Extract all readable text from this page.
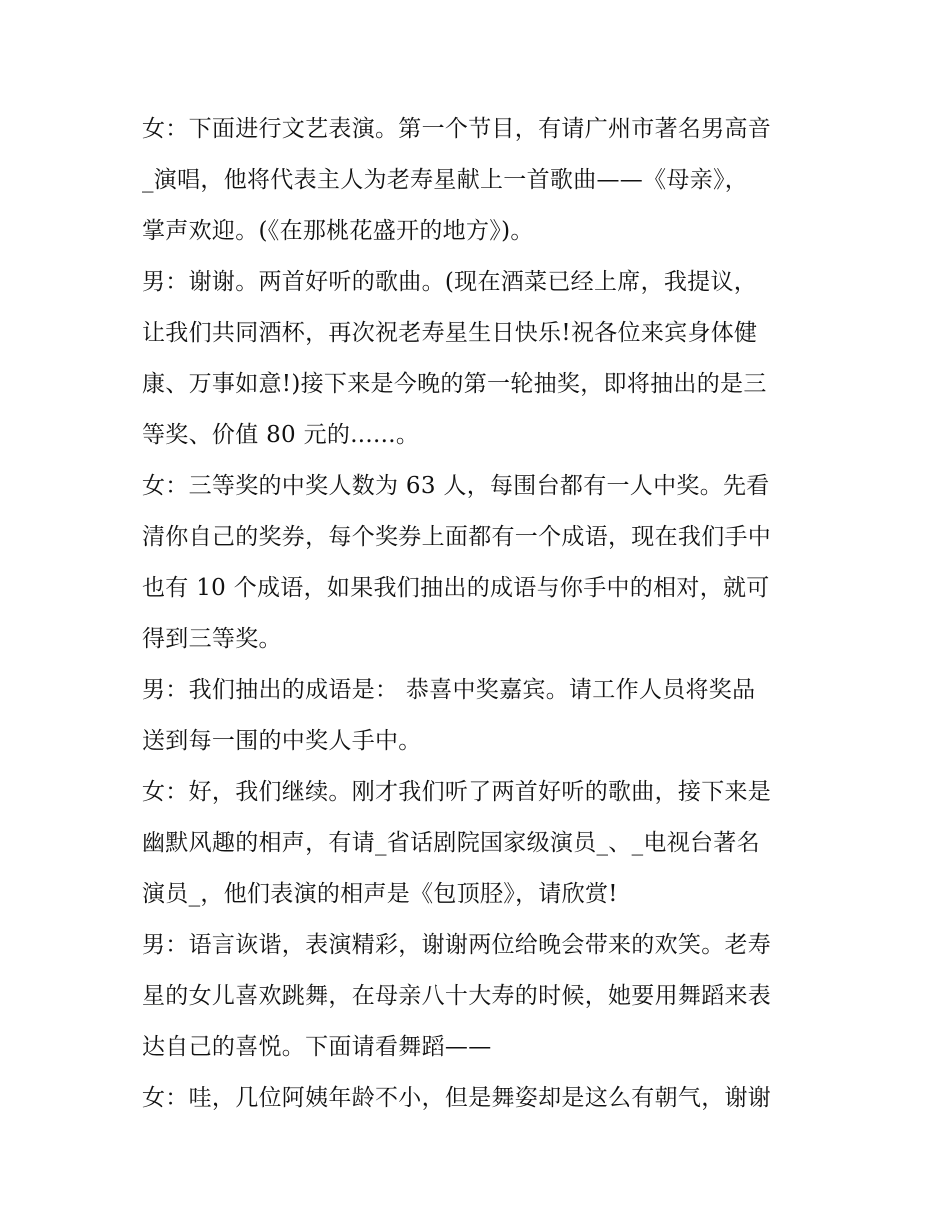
女：下面进行文艺表演。第一个节目，有请广州市著名男高音
_演唱，他将代表主人为老寿星献上一首歌曲——《母亲》，
掌声欢迎。(《在那桃花盛开的地方》)。
男：谢谢。两首好听的歌曲。(现在酒菜已经上席，我提议，
让我们共同酒杯，再次祝老寿星生日快乐!祝各位来宾身体健
康、万事如意!)接下来是今晚的第一轮抽奖，即将抽出的是三
等奖、价值 80 元的......。
女：三等奖的中奖人数为 63 人，每围台都有一人中奖。先看
清你自己的奖券，每个奖券上面都有一个成语，现在我们手中
也有 10 个成语，如果我们抽出的成语与你手中的相对，就可
得到三等奖。
男：我们抽出的成语是： 恭喜中奖嘉宾。请工作人员将奖品
送到每一围的中奖人手中。
女：好，我们继续。刚才我们听了两首好听的歌曲，接下来是
幽默风趣的相声，有请_省话剧院国家级演员_、_电视台著名
演员_，他们表演的相声是《包顶胫》，请欣赏!
男：语言诙谐，表演精彩，谢谢两位给晚会带来的欢笑。老寿
星的女儿喜欢跳舞，在母亲八十大寿的时候，她要用舞蹈来表
达自己的喜悦。下面请看舞蹈——
女：哇，几位阿姨年龄不小，但是舞姿却是这么有朝气，谢谢
